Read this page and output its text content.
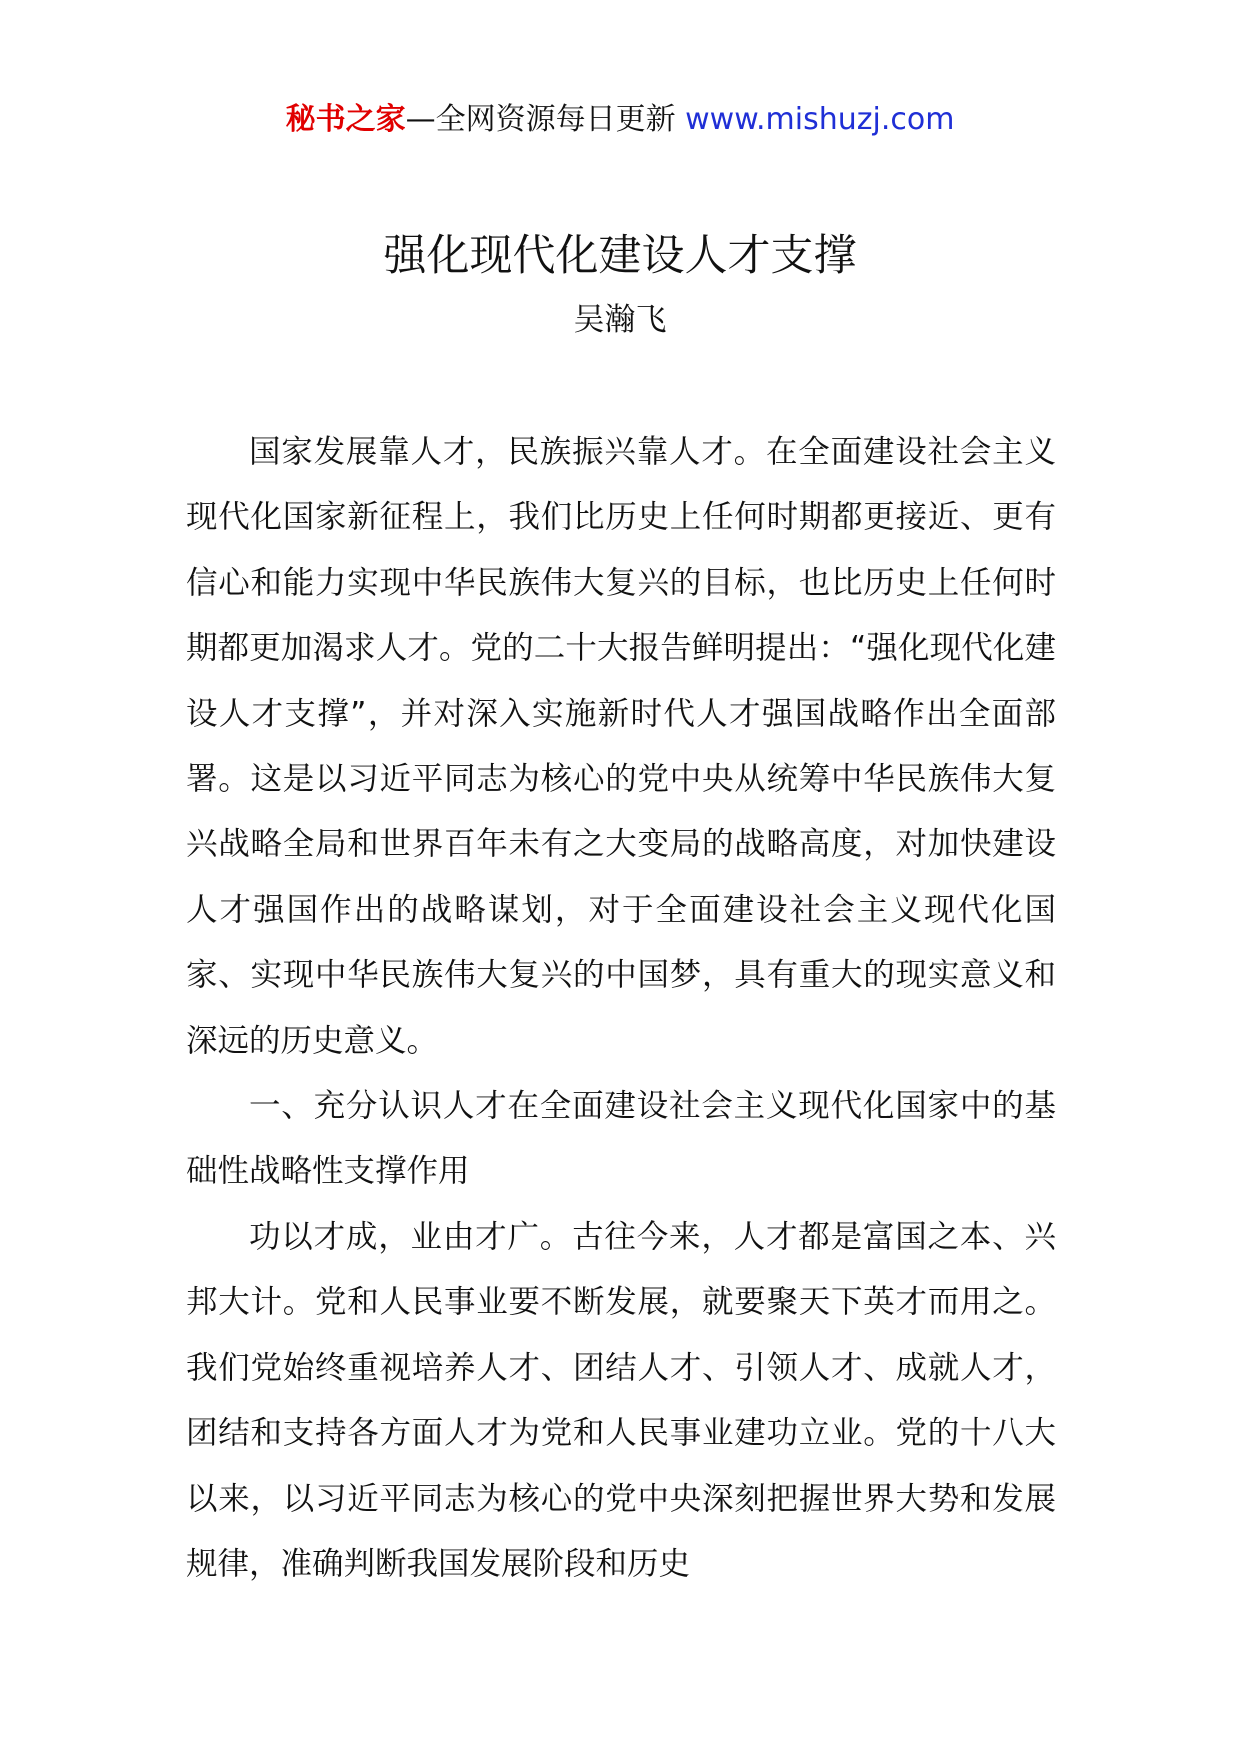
秘书之家—全网资源每日更新 www.mishuzj.com
强化现代化建设人才支撑
吴瀚飞

国家发展靠人才，民族振兴靠人才。在全面建设社会主义现代化国家新征程上，我们比历史上任何时期都更接近、更有信心和能力实现中华民族伟大复兴的目标，也比历史上任何时期都更加渴求人才。党的二十大报告鲜明提出：“强化现代化建设人才支撑”，并对深入实施新时代人才强国战略作出全面部署。这是以习近平同志为核心的党中央从统筹中华民族伟大复兴战略全局和世界百年未有之大变局的战略高度，对加快建设人才强国作出的战略谋划，对于全面建设社会主义现代化国家、实现中华民族伟大复兴的中国梦，具有重大的现实意义和深远的历史意义。

一、充分认识人才在全面建设社会主义现代化国家中的基础性战略性支撑作用

功以才成，业由才广。古往今来，人才都是富国之本、兴邦大计。党和人民事业要不断发展，就要聚天下英才而用之。我们党始终重视培养人才、团结人才、引领人才、成就人才，团结和支持各方面人才为党和人民事业建功立业。党的十八大以来，以习近平同志为核心的党中央深刻把握世界大势和发展规律，准确判断我国发展阶段和历史
